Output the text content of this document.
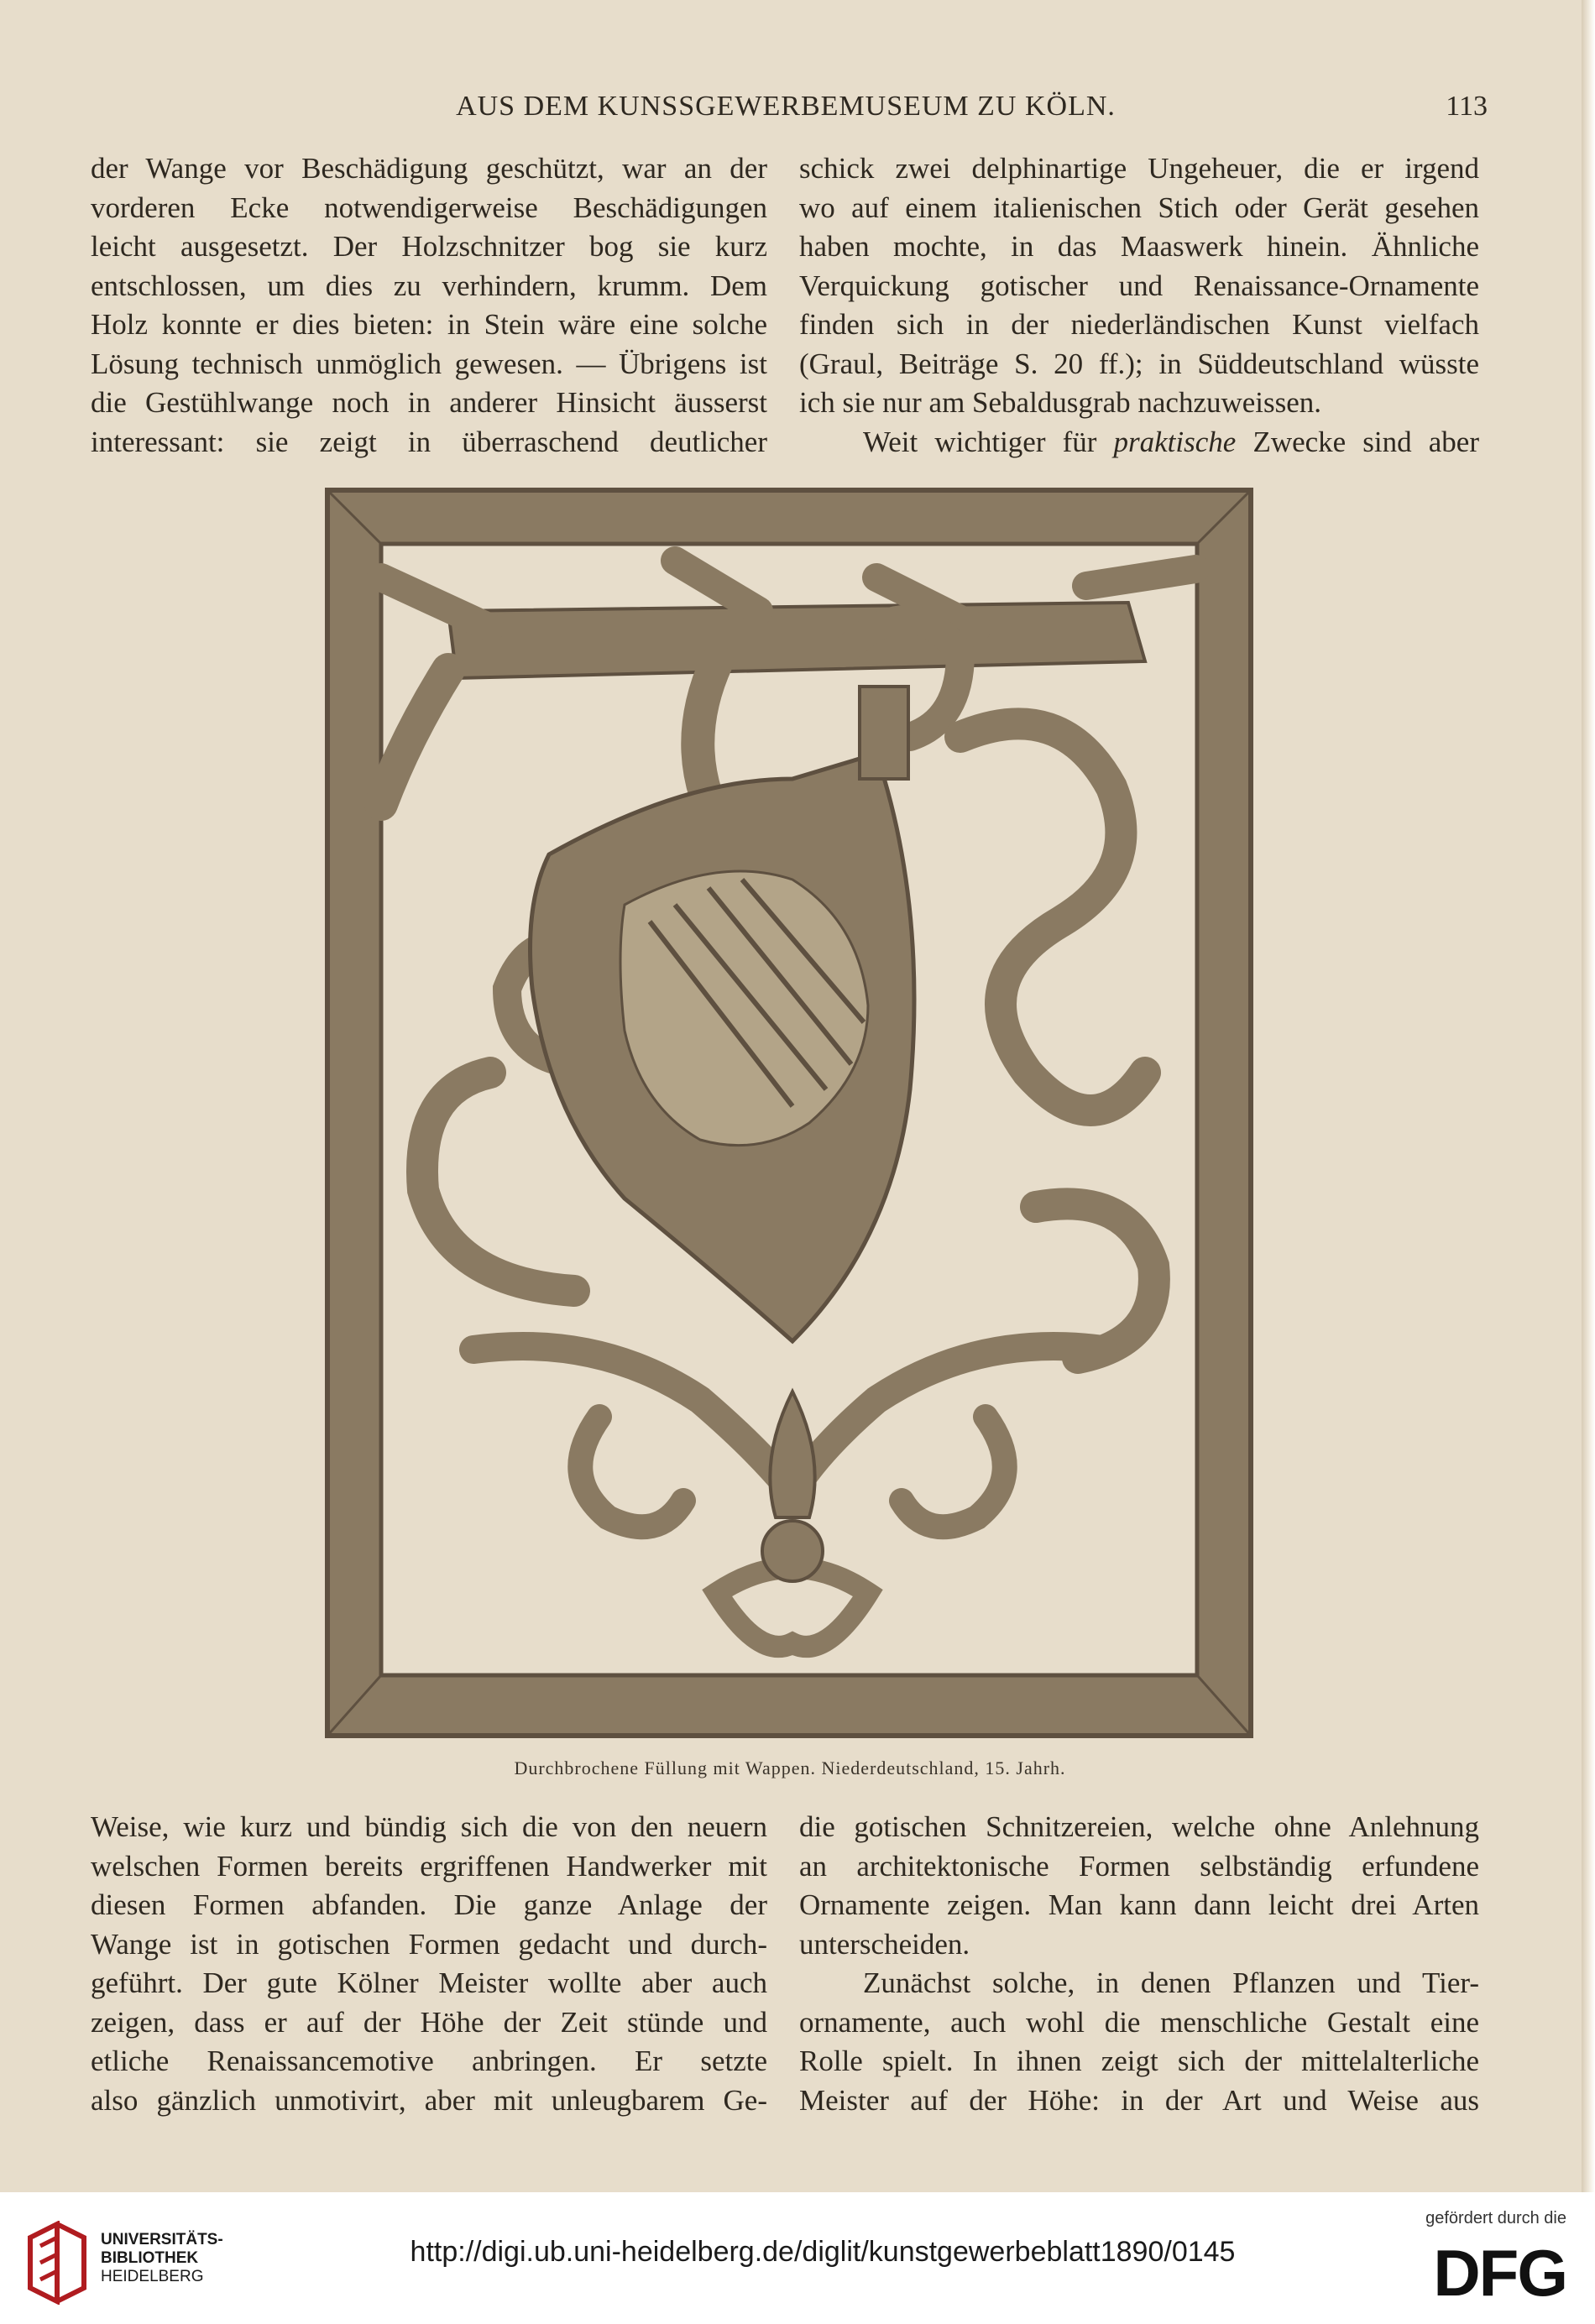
AUS DEM KUNSSGEWERBEMUSEUM ZU KÖLN.	113
der Wange vor Beschädigung geschützt, war an der
vorderen Ecke notwendigerweise Beschädigungen
leicht ausgesetzt. Der Holzschnitzer bog sie kurz
entschlossen, um dies zu verhindern, krumm. Dem
Holz konnte er dies bieten: in Stein wäre eine solche
Lösung technisch unmöglich gewesen. — Übrigens ist
die Gestühlwange noch in anderer Hinsicht äusserst
interessant: sie zeigt in überraschend deutlicher
schick zwei delphinartige Ungeheuer, die er irgend
wo auf einem italienischen Stich oder Gerät gesehen
haben mochte, in das Maaswerk hinein. Ähnliche
Verquickung gotischer und Renaissance-Ornamente
finden sich in der niederländischen Kunst vielfach
(Graul, Beiträge S. 20 ff.); in Süddeutschland wüsste
ich sie nur am Sebaldusgrab nachzuweissen.
Weit wichtiger für praktische Zwecke sind aber
Durchbrochene Füllung mit Wappen. Niederdeutschland, 15. Jahrh.
Weise, wie kurz und bündig sich die von den neuern
welschen Formen bereits ergriffenen Handwerker mit
diesen Formen abfanden. Die ganze Anlage der
Wange ist in gotischen Formen gedacht und durch-
geführt. Der gute Kölner Meister wollte aber auch
zeigen, dass er auf der Höhe der Zeit stünde und
etliche Renaissancemotive anbringen. Er setzte
also gänzlich unmotivirt, aber mit unleugbarem Ge-
die gotischen Schnitzereien, welche ohne Anlehnung
an architektonische Formen selbständig erfundene
Ornamente zeigen. Man kann dann leicht drei Arten
unterscheiden.
Zunächst solche, in denen Pflanzen und Tier-
ornamente, auch wohl die menschliche Gestalt eine
Rolle spielt. In ihnen zeigt sich der mittelalterliche
Meister auf der Höhe: in der Art und Weise aus
UNIVERSITÄTS-
BIBLIOTHEK
HEIDELBERG
http://digi.ub.uni-heidelberg.de/diglit/kunstgewerbeblatt1890/0145
gefördert durch die
DFG
